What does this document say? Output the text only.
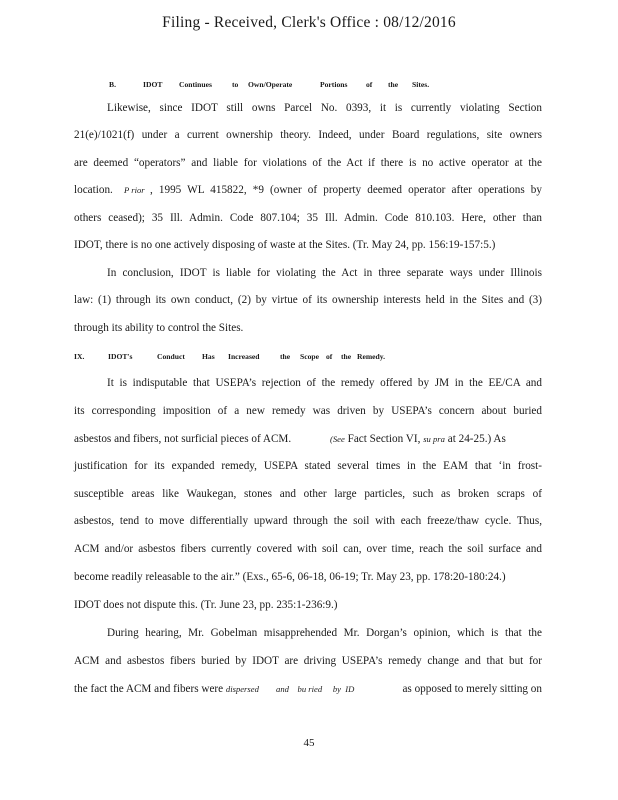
Filing - Received, Clerk's Office : 08/12/2016
B.	IDOT Continues	to Own/Operate	Portions of the Sites.
Likewise, since IDOT still owns Parcel No. 0393, it is currently violating Section
21(e)/1021(f) under a current ownership theory. Indeed, under Board regulations, site owners
are deemed “operators” and liable for violations of the Act if there is no active operator at the
location.	P rior , 1995 WL 415822, *9 (owner of property deemed operator after operations by
others ceased); 35 Ill. Admin. Code 807.104; 35 Ill. Admin. Code 810.103. Here, other than
IDOT, there is no one actively disposing of waste at the Sites. (Tr. May 24, pp. 156:19-157:5.)
In conclusion, IDOT is liable for violating the Act in three separate ways under Illinois
law: (1) through its own conduct, (2) by virtue of its ownership interests held in the Sites and (3)
through its ability to control the Sites.
IX.	IDOT's	Conduct Has Increased	the Scope of the Remedy.
It is indisputable that USEPA’s rejection of the remedy offered by JM in the EE/CA and
its corresponding imposition of a new remedy was driven by USEPA’s concern about buried
asbestos and fibers, not surficial pieces of ACM.	(See Fact Section VI, su pra at 24-25.) As
justification for its expanded remedy, USEPA stated several times in the EAM that ‘in frost-
susceptible areas like Waukegan, stones and other large particles, such as broken scraps of
asbestos, tend to move differentially upward through the soil with each freeze/thaw cycle. Thus,
ACM and/or asbestos fibers currently covered with soil can, over time, reach the soil surface and
become readily releasable to the air.” (Exs., 65-6, 06-18, 06-19; Tr. May 23, pp. 178:20-180:24.)
IDOT does not dispute this. (Tr. June 23, pp. 235:1-236:9.)
During hearing, Mr. Gobelman misapprehended Mr. Dorgan’s opinion, which is that the
ACM and asbestos fibers buried by IDOT are driving USEPA’s remedy change and that but for
the fact the ACM and fibers were dispersed        and    bu ried     by  ID	as opposed to merely sitting on
45
